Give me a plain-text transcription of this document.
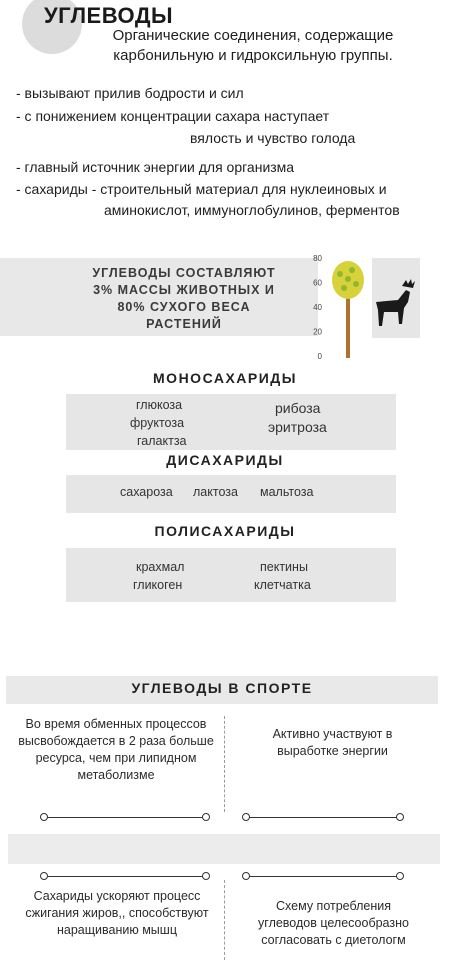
УГЛЕВОДЫ

Органические соединения, содержащие карбонильную и гидроксильную группы.

- вызывают прилив бодрости и сил

- с понижением концентрации сахара наступает

вялость и чувство голода

- главный источник энергии для организма

- сахариды - строительный материал для нуклеиновых и

аминокислот, иммуноглобулинов, ферментов

УГЛЕВОДЫ СОСТАВЛЯЮТ 3% МАССЫ ЖИВОТНЫХ И 80% СУХОГО ВЕСА РАСТЕНИЙ

80
60
40
20
0

МОНОСАХАРИДЫ

глюкоза

фруктоза

галактза

рибоза

эритроза

ДИСАХАРИДЫ

сахароза лактоза мальтоза

ПОЛИСАХАРИДЫ

крахмал

гликоген

пектины

клетчатка

УГЛЕВОДЫ В СПОРТЕ

Во время обменных процессов высвобождается в 2 раза больше ресурса, чем при липидном метаболизме

Активно участвуют в выработке энергии

Сахариды ускоряют процесс сжигания жиров,, способствуют наращиванию мышц

Схему потребления углеводов целесообразно согласовать с диетологм
